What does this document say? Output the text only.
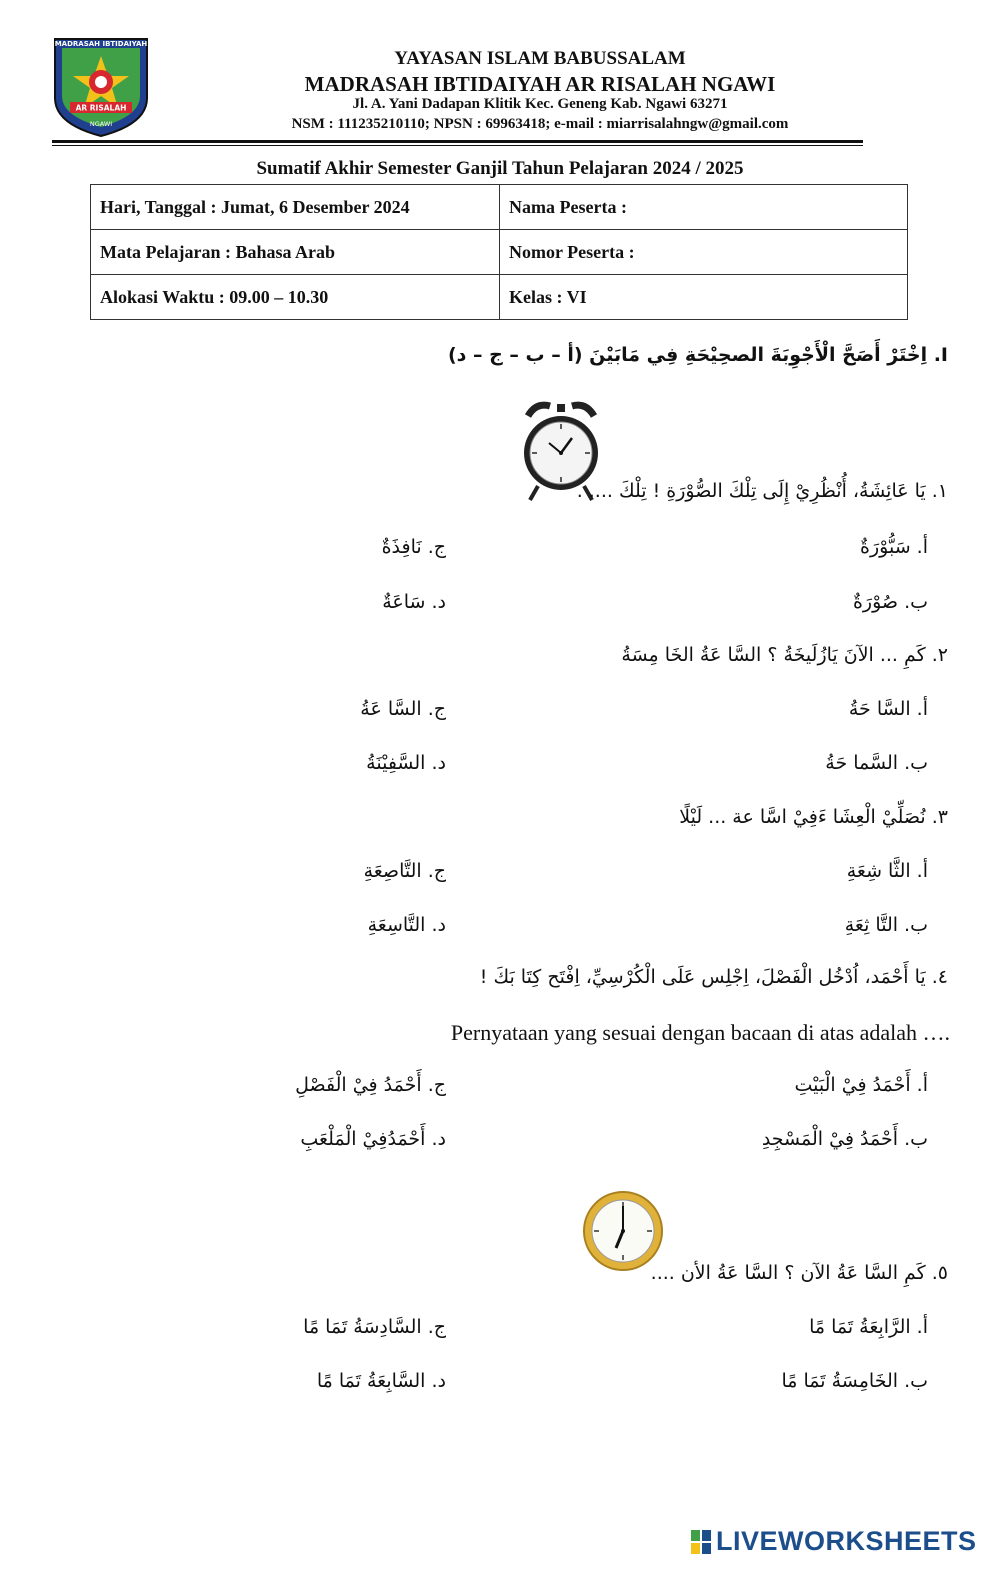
MADRASAH IBTIDAIYAH
AR RISALAH
NGAWI
YAYASAN ISLAM BABUSSALAM
MADRASAH IBTIDAIYAH AR RISALAH NGAWI
Jl. A. Yani Dadapan Klitik Kec. Geneng Kab. Ngawi 63271
NSM : 111235210110; NPSN : 69963418; e-mail : miarrisalahngw@gmail.com
Sumatif Akhir Semester Ganjil Tahun Pelajaran 2024 / 2025
Hari, Tanggal : Jumat, 6 Desember 2024	Nama Peserta :
Mata Pelajaran : Bahasa Arab	Nomor Peserta :
Alokasi Waktu : 09.00 – 10.30	Kelas : VI
I. اِخْتَرْ أَصَحَّ الْأَجْوِبَةَ الصحِيْحَةِ فِي مَابَيْنَ (أ – ب – ج – د)
١. يَا عَائِشَةُ، أُنْظُرِيْ إِلَى تِلْكَ الصُّوْرَةِ ! تِلْكَ .... .
أ. سَبُّوْرَةٌ
ج. نَافِذَةٌ
ب. صُوْرَةٌ
د. سَاعَةٌ
٢. كَمِ ... الآنَ يَازُلَيخَةُ ؟ السَّا عَةُ الخَا مِسَةُ
أ. السَّا حَةُ
ج. السَّا عَةُ
ب. السَّما حَةُ
د. السَّفِيْنَةُ
٣. نُصَلِّيْ الْعِشَا ءَفِيْ اسَّا عة ... لَيْلًا
أ. الثَّا شِعَةِ
ج. التَّاصِعَةِ
ب. التَّا ثِعَةِ
د. التَّاسِعَةِ
٤. يَا أَحْمَد، اُدْخُل الْفَصْلَ، اِجْلِس عَلَى الْكُرْسِيِّ، اِفْتَح كِتَا بَكَ !
Pernyataan yang sesuai dengan bacaan di atas adalah ….
أ. أَحْمَدُ فِيْ الْبَيْتِ
ج. أَحْمَدُ فِيْ الْفَصْلِ
ب. أَحْمَدُ فِيْ الْمَسْجِدِ
د. أَحْمَدُفِيْ الْمَلْعَبِ
٥. كَمِ السَّا عَةُ الآن ؟ السَّا عَةُ الأن ....
أ. الرَّابِعَةُ تَمَا مًا
ج. السَّادِسَةُ تَمَا مًا
ب. الخَامِسَةُ تَمَا مًا
د. السَّابِعَةُ تَمَا مًا
LIVEWORKSHEETS
